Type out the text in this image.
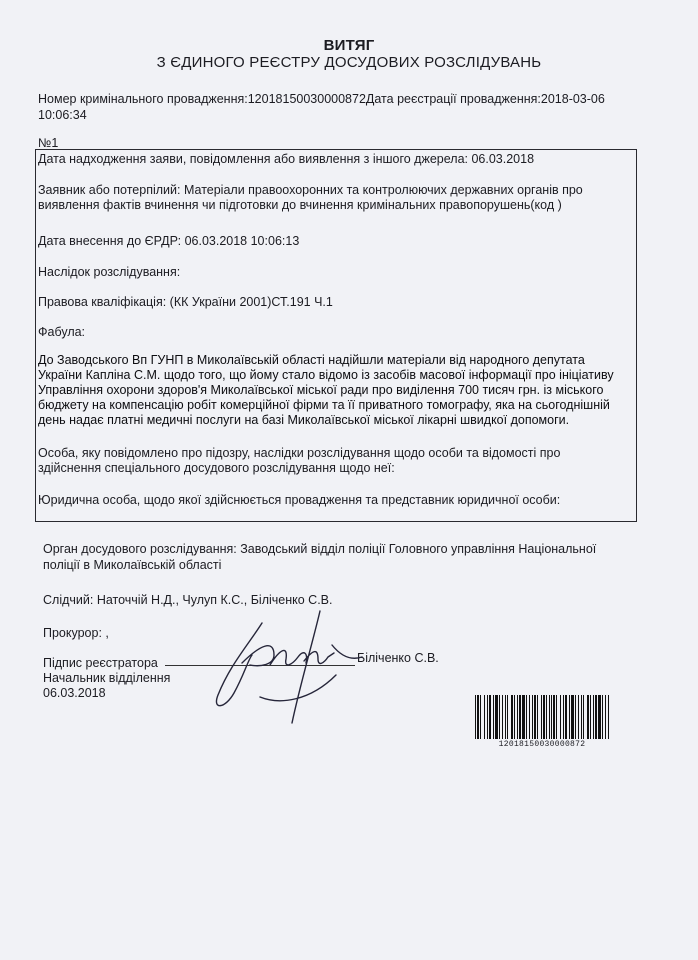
ВИТЯГ
З ЄДИНОГО РЕЄСТРУ ДОСУДОВИХ РОЗСЛІДУВАНЬ
Номер кримінального провадження:12018150030000872Дата реєстрації провадження:2018-03-06
10:06:34
№1
Дата надходження заяви, повідомлення або виявлення з іншого джерела: 06.03.2018
Заявник або потерпілий: Матеріали правоохоронних та контролюючих державних органів про
виявлення фактів вчинення чи підготовки до вчинення кримінальних правопорушень(код )
Дата внесення до ЄРДР: 06.03.2018 10:06:13
Наслідок розслідування:
Правова кваліфікація: (КК України 2001)СТ.191 Ч.1
Фабула:
До Заводського Вп ГУНП в Миколаївській області надійшли матеріали від народного депутата
України Капліна С.М. щодо того, що йому стало відомо із засобів масової інформації про ініціативу
Управління охорони здоров'я Миколаївської міської ради про виділення 700 тисяч грн. із міського
бюджету на компенсацію робіт комерційної фірми та її приватного томографу, яка на сьогоднішній
день надає платні медичні послуги на базі Миколаївської міської лікарні швидкої допомоги.
Особа, яку повідомлено про підозру, наслідки розслідування щодо особи та відомості про
здійснення спеціального досудового розслідування щодо неї:
Юридична особа, щодо якої здійснюється провадження та представник юридичної особи:
Орган досудового розслідування: Заводський відділ поліції Головного управління Національної
поліції в Миколаївській області
Слідчий: Наточчій Н.Д., Чулуп К.С., Біліченко С.В.
Прокурор: ,
Підпис реєстратора	Біліченко С.В.
Начальник відділення
06.03.2018
12018150030000872
